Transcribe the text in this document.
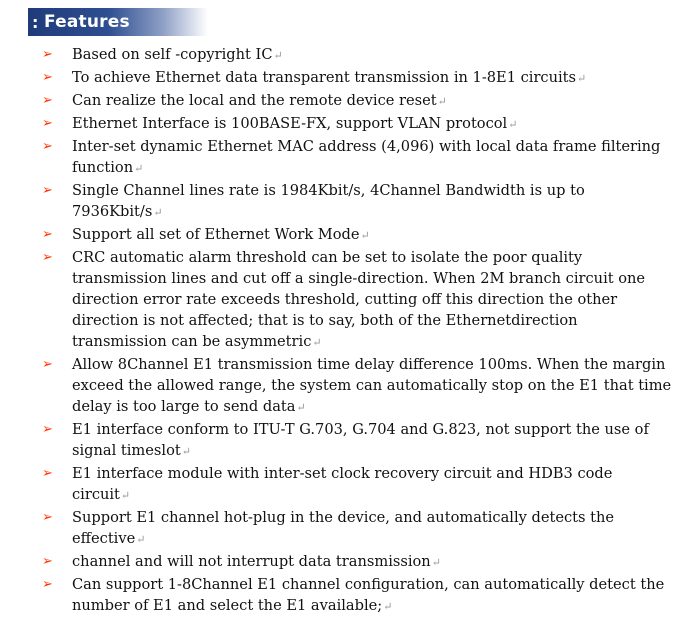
: Features
➢	Based on self -copyright IC↵
➢	To achieve Ethernet data transparent transmission in 1-8E1 circuits↵
➢	Can realize the local and the remote device reset↵
➢	Ethernet Interface is 100BASE-FX, support VLAN protocol↵
➢	Inter-set dynamic Ethernet MAC address (4,096) with local data frame filtering function↵
➢	Single Channel lines rate is 1984Kbit/s, 4Channel Bandwidth is up to 7936Kbit/s↵
➢	Support all set of Ethernet Work Mode↵
➢	CRC automatic alarm threshold can be set to isolate the poor quality transmission lines and cut off a single-direction. When 2M branch circuit one direction error rate exceeds threshold, cutting off this direction the other direction is not affected; that is to say, both of the Ethernetdirection transmission can be asymmetric↵
➢	Allow 8Channel E1 transmission time delay difference 100ms. When the margin exceed the allowed range, the system can automatically stop on the E1 that time delay is too large to send data↵
➢	E1 interface conform to ITU-T G.703, G.704 and G.823, not support the use of signal timeslot↵
➢	E1 interface module with inter-set clock recovery circuit and HDB3 code circuit↵
➢	Support E1 channel hot-plug in the device, and automatically detects the effective↵
➢	channel and will not interrupt data transmission↵
➢	Can support 1-8Channel E1 channel configuration, can automatically detect the number of E1 and select the E1 available;↵
